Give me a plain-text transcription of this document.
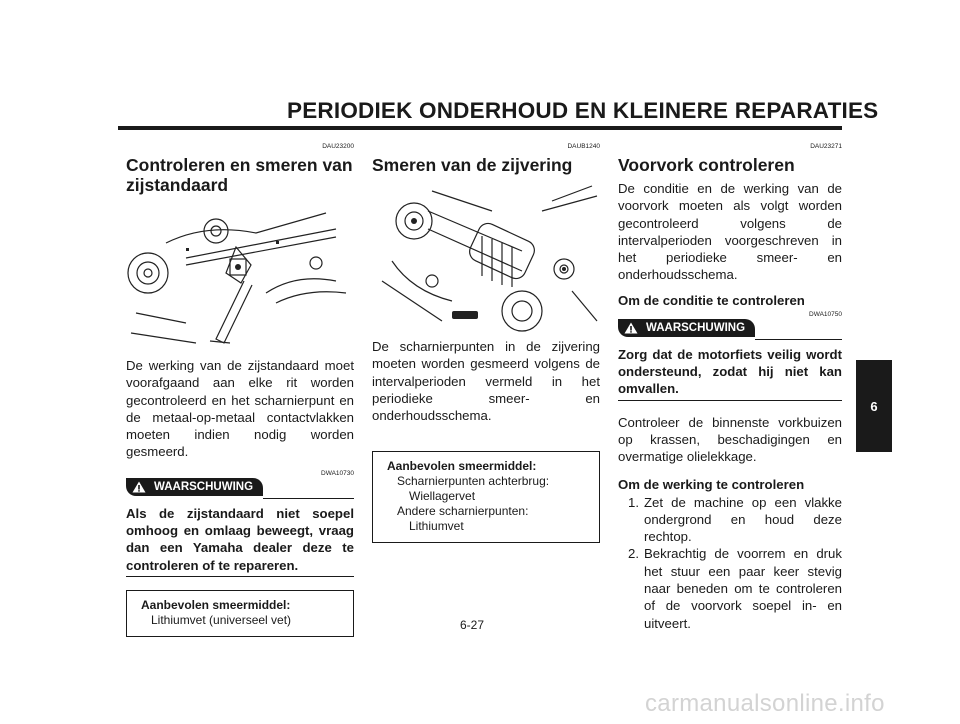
PERIODIEK ONDERHOUD EN KLEINERE REPARATIES
6
DAU23200
Controleren en smeren van zijstandaard

De werking van de zijstandaard moet voorafgaand aan elke rit worden gecontroleerd en het scharnierpunt en de metaal-op-metaal contactvlakken moeten indien nodig worden gesmeerd.

DWA10730
WAARSCHUWING
Als de zijstandaard niet soepel omhoog en omlaag beweegt, vraag dan een Yamaha dealer deze te controleren of te repareren.
Aanbevolen smeermiddel:
Lithiumvet (universeel vet)
DAUB1240
Smeren van de zijvering

De scharnierpunten in de zijvering moeten worden gesmeerd volgens de intervalperioden vermeld in het periodieke smeer- en onderhoudsschema.

Aanbevolen smeermiddel:
Scharnierpunten achterbrug:
Wiellagervet
Andere scharnierpunten:
Lithiumvet
DAU23271
Voorvork controleren

De conditie en de werking van de voorvork moeten als volgt worden gecontroleerd volgens de intervalperioden voorgeschreven in het periodieke smeer- en onderhoudsschema.

Om de conditie te controleren
DWA10750
WAARSCHUWING
Zorg dat de motorfiets veilig wordt ondersteund, zodat hij niet kan omvallen.

Controleer de binnenste vorkbuizen op krassen, beschadigingen en overmatige olielekkage.

Om de werking te controleren
1. Zet de machine op een vlakke ondergrond en houd deze rechtop.
2. Bekrachtig de voorrem en druk het stuur een paar keer stevig naar beneden om te controleren of de voorvork soepel in- en uitveert.
6-27
carmanualsonline.info
